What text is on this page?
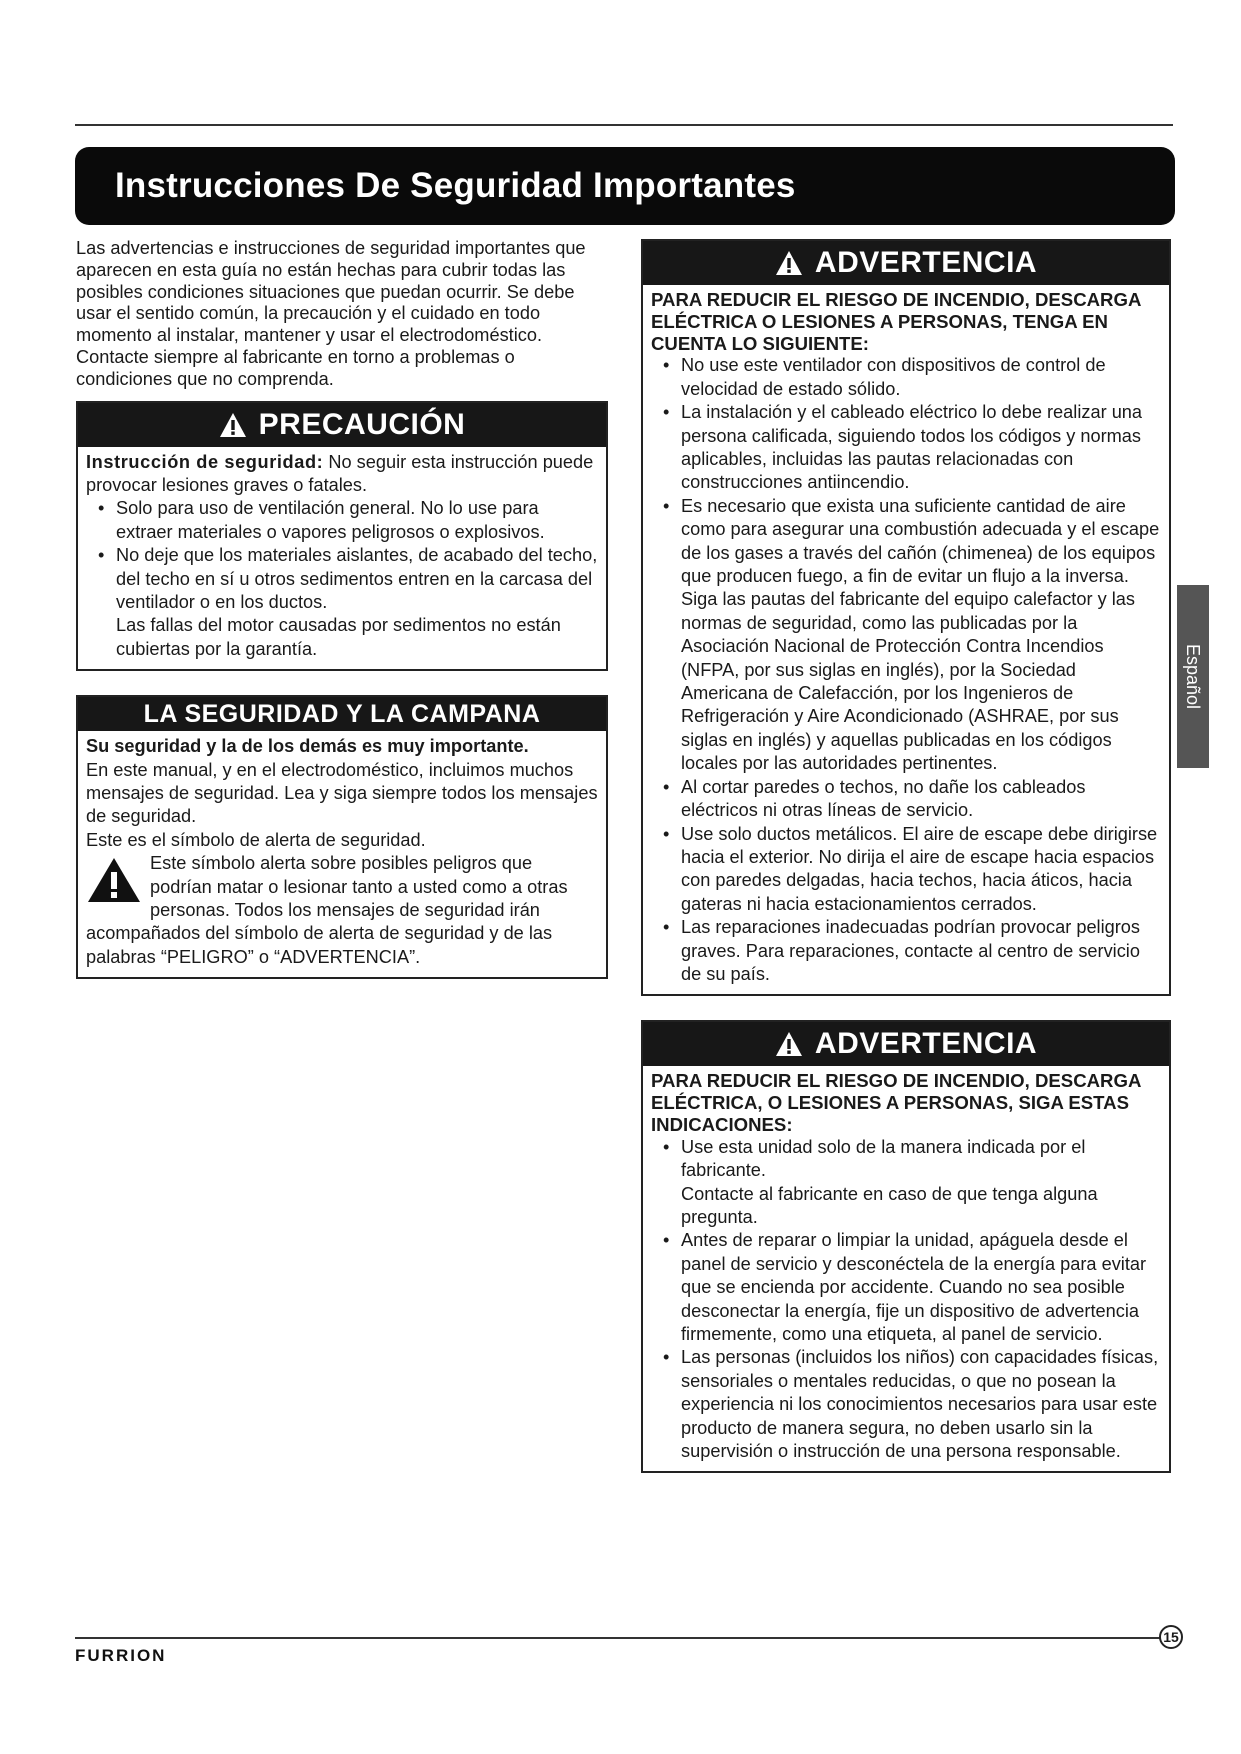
Instrucciones De Seguridad Importantes

Las advertencias e instrucciones de seguridad importantes que aparecen en esta guía no están hechas para cubrir todas las posibles condiciones situaciones que puedan ocurrir. Se debe usar el sentido común, la precaución y el cuidado en todo momento al instalar, mantener y usar el electrodoméstico.

Contacte siempre al fabricante en torno a problemas o condiciones que no comprenda.

PRECAUCIÓN

Instrucción de seguridad: No seguir esta instrucción puede provocar lesiones graves o fatales.

• Solo para uso de ventilación general. No lo use para extraer materiales o vapores peligrosos o explosivos.
• No deje que los materiales aislantes, de acabado del techo, del techo en sí u otros sedimentos entren en la carcasa del ventilador o en los ductos.

Las fallas del motor causadas por sedimentos no están cubiertas por la garantía.

LA SEGURIDAD Y LA CAMPANA

Su seguridad y la de los demás es muy importante.

En este manual, y en el electrodoméstico, incluimos muchos mensajes de seguridad. Lea y siga siempre todos los mensajes de seguridad.

Este es el símbolo de alerta de seguridad.

Este símbolo alerta sobre posibles peligros que podrían matar o lesionar tanto a usted como a otras personas. Todos los mensajes de seguridad irán acompañados del símbolo de alerta de seguridad y de las palabras “PELIGRO” o “ADVERTENCIA”.

ADVERTENCIA

PARA REDUCIR EL RIESGO DE INCENDIO, DESCARGA ELÉCTRICA O LESIONES A PERSONAS, TENGA EN CUENTA LO SIGUIENTE:

• No use este ventilador con dispositivos de control de velocidad de estado sólido.
• La instalación y el cableado eléctrico lo debe realizar una persona calificada, siguiendo todos los códigos y normas aplicables, incluidas las pautas relacionadas con construcciones antiincendio.
• Es necesario que exista una suficiente cantidad de aire como para asegurar una combustión adecuada y el escape de los gases a través del cañón (chimenea) de los equipos que producen fuego, a fin de evitar un flujo a la inversa. Siga las pautas del fabricante del equipo calefactor y las normas de seguridad, como las publicadas por la Asociación Nacional de Protección Contra Incendios (NFPA, por sus siglas en inglés), por la Sociedad Americana de Calefacción, por los Ingenieros de Refrigeración y Aire Acondicionado (ASHRAE, por sus siglas en inglés) y aquellas publicadas en los códigos locales por las autoridades pertinentes.
• Al cortar paredes o techos, no dañe los cableados eléctricos ni otras líneas de servicio.
• Use solo ductos metálicos. El aire de escape debe dirigirse hacia el exterior. No dirija el aire de escape hacia espacios con paredes delgadas, hacia techos, hacia áticos, hacia gateras ni hacia estacionamientos cerrados.
• Las reparaciones inadecuadas podrían provocar peligros graves. Para reparaciones, contacte al centro de servicio de su país.
ADVERTENCIA

PARA REDUCIR EL RIESGO DE INCENDIO, DESCARGA ELÉCTRICA, O LESIONES A PERSONAS, SIGA ESTAS INDICACIONES:

• Use esta unidad solo de la manera indicada por el fabricante.

Contacte al fabricante en caso de que tenga alguna pregunta.

• Antes de reparar o limpiar la unidad, apáguela desde el panel de servicio y desconéctela de la energía para evitar que se encienda por accidente. Cuando no sea posible desconectar la energía, fije un dispositivo de advertencia firmemente, como una etiqueta, al panel de servicio.
• Las personas (incluidos los niños) con capacidades físicas, sensoriales o mentales reducidas, o que no posean la experiencia ni los conocimientos necesarios para usar este producto de manera segura, no deben usarlo sin la supervisión o instrucción de una persona responsable.
Español
FURRION
15
